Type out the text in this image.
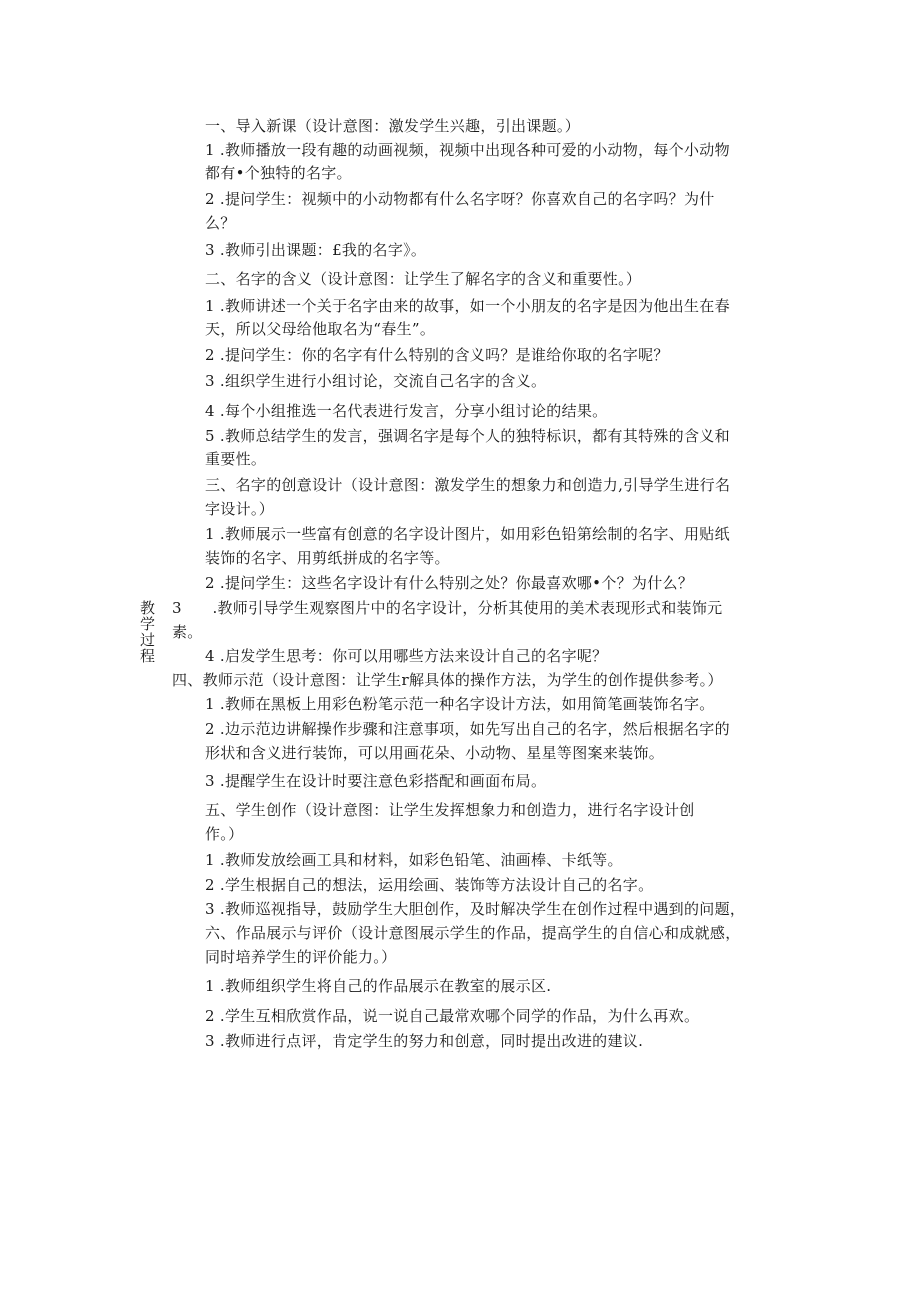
教学过程
一、导入新课（设计意图：激发学生兴趣，引出课题。）
1 .教师播放一段有趣的动画视频，视频中出现各种可爱的小动物，每个小动物
都有•个独特的名字。
2 .提问学生：视频中的小动物都有什么名字呀？你喜欢自己的名字吗？为什
么？
3 .教师引出课题：£我的名字》。
二、名字的含义（设计意图：让学生了解名字的含义和重要性。）
1 .教师讲述一个关于名字由来的故事，如一个小朋友的名字是因为他出生在春
天，所以父母给他取名为“春生”。
2 .提问学生：你的名字有什么特别的含义吗？是谁给你取的名字呢？
3 .组织学生进行小组讨论，交流自己名字的含义。
4 .每个小组推选一名代表进行发言，分享小组讨论的结果。
5 .教师总结学生的发言，强调名字是每个人的独特标识，都有其特殊的含义和
重要性。
三、名字的创意设计（设计意图：激发学生的想象力和创造力,引导学生进行名
字设计。）
1 .教师展示一些富有创意的名字设计图片，如用彩色铅第绘制的名字、用贴纸
装饰的名字、用剪纸拼成的名字等。
2 .提问学生：这些名字设计有什么特别之处？你最喜欢哪•个？为什么？
3　　.教师引导学生观察图片中的名字设计，分析其使用的美术表现形式和装饰元
素。
4 .启发学生思考：你可以用哪些方法来设计自己的名字呢？
四、教师示范（设计意图：让学生r解具体的操作方法，为学生的创作提供参考。）
1 .教师在黑板上用彩色粉笔示范一种名字设计方法，如用简笔画装饰名字。
2 .边示范边讲解操作步骤和注意事项，如先写出自己的名字，然后根据名字的
形状和含义进行装饰，可以用画花朵、小动物、星星等图案来装饰。
3 .提醒学生在设计时要注意色彩搭配和画面布局。
五、学生创作（设计意图：让学生发挥想象力和创造力，进行名字设计创
作。）
1 .教师发放绘画工具和材料，如彩色铅笔、油画棒、卡纸等。
2 .学生根据自己的想法，运用绘画、装饰等方法设计自己的名字。
3 .教师巡视指导，鼓励学生大胆创作，及时解决学生在创作过程中遇到的问题，
六、作品展示与评价（设计意图展示学生的作品，提高学生的自信心和成就感，
同时培养学生的评价能力。）
1 .教师组织学生将自己的作品展示在教室的展示区.
2 .学生互相欣赏作品，说一说自己最常欢哪个同学的作品，为什么再欢。
3 .教师进行点评，肯定学生的努力和创意，同时提出改进的建议.
